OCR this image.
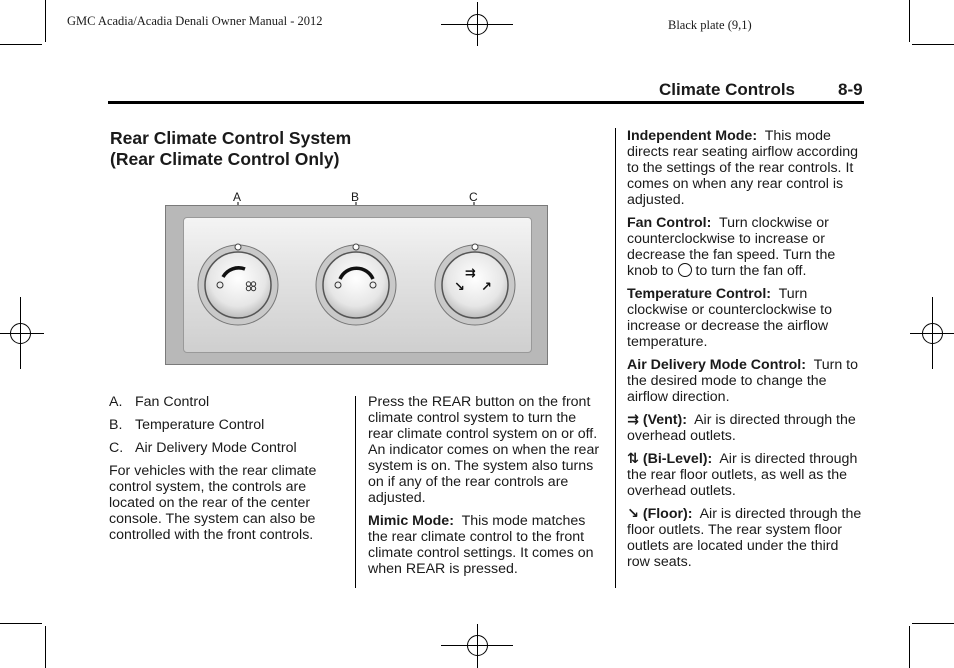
GMC Acadia/Acadia Denali Owner Manual - 2012	Black plate (9,1)
Climate Controls	8-9
Rear Climate Control System
(Rear Climate Control Only)
A	B	C
↘
⇉
↗
A. Fan Control
B. Temperature Control
C. Air Delivery Mode Control

For vehicles with the rear climate control system, the controls are located on the rear of the center console. The system can also be controlled with the front controls.

Press the REAR button on the front climate control system to turn the rear climate control system on or off. An indicator comes on when the rear system is on. The system also turns on if any of the rear controls are adjusted.

Mimic Mode: This mode matches the rear climate control to the front climate control settings. It comes on when REAR is pressed.

Independent Mode: This mode directs rear seating airflow according to the settings of the rear controls. It comes on when any rear control is adjusted.

Fan Control: Turn clockwise or counterclockwise to increase or decrease the fan speed. Turn the knob to to turn the fan off.

Temperature Control: Turn clockwise or counterclockwise to increase or decrease the airflow temperature.

Air Delivery Mode Control: Turn to the desired mode to change the airflow direction.

⇉ (Vent): Air is directed through the overhead outlets.

⇅ (Bi-Level): Air is directed through the rear floor outlets, as well as the overhead outlets.

↘ (Floor): Air is directed through the floor outlets. The rear system floor outlets are located under the third row seats.
